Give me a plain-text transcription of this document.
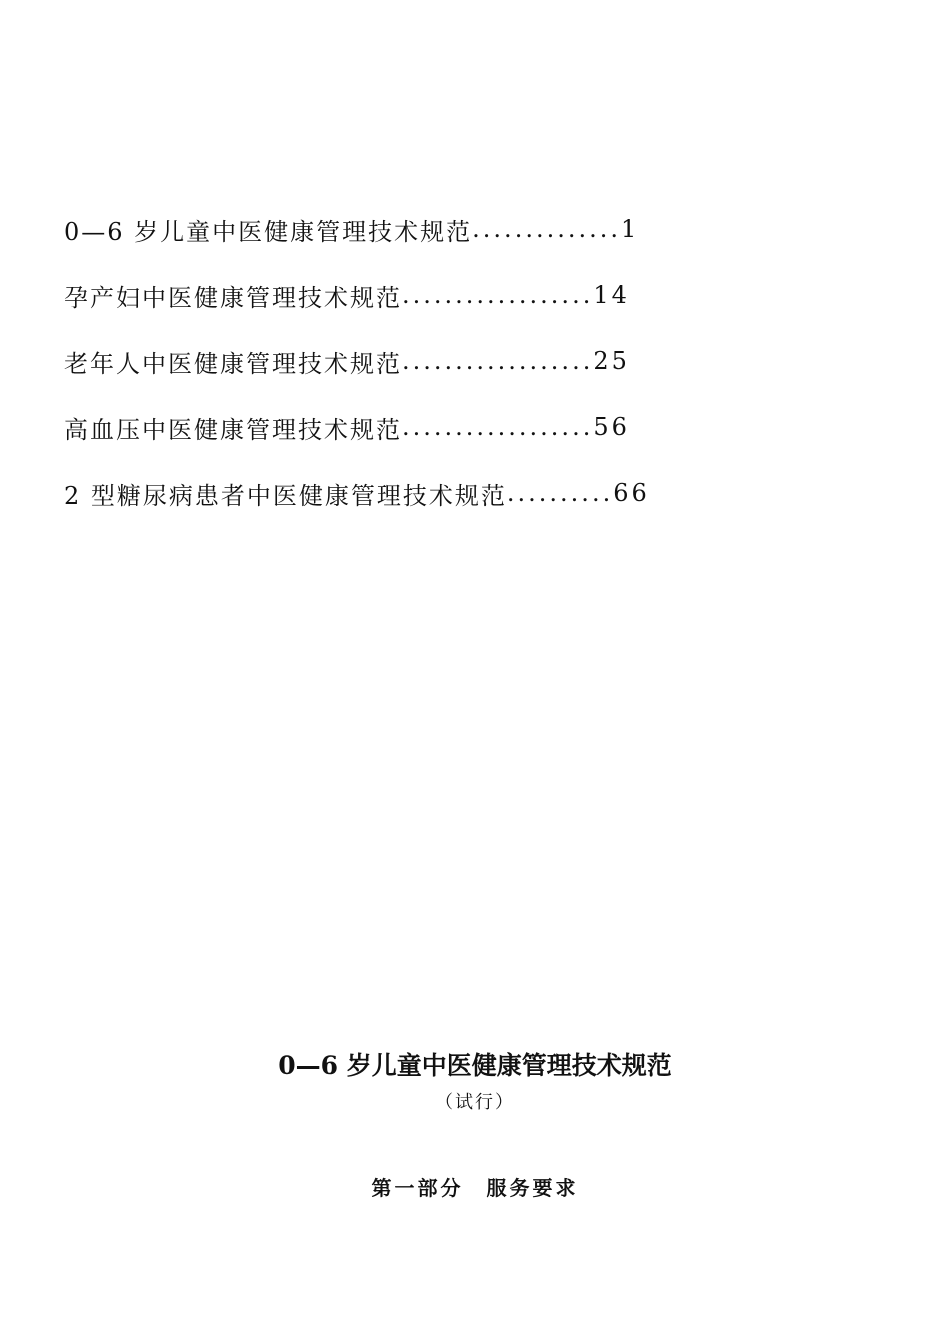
0—6 岁儿童中医健康管理技术规范 .............. 1
孕产妇中医健康管理技术规范 .................. 14
老年人中医健康管理技术规范 .................. 25
高血压中医健康管理技术规范 .................. 56
2 型糖尿病患者中医健康管理技术规范 .......... 66
0—6 岁儿童中医健康管理技术规范
（试行）
第一部分　服务要求
